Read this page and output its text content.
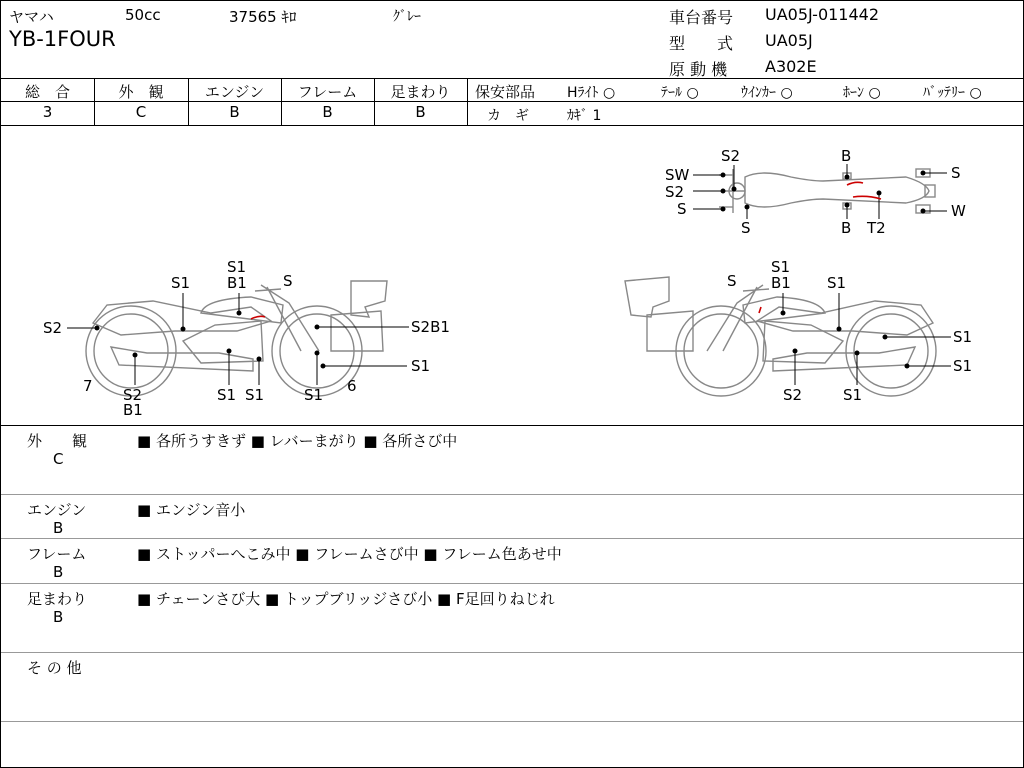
ヤマハ	50cc	37565 ｷﾛ	ｸﾞﾚｰ
YB-1FOUR
車台番号 UA05J-011442
型　　式 UA05J
原 動 機 A302E
総　合	外　観	エンジン	フレーム	足まわり
3	C	B	B	B
保安部品 Hﾗｲﾄ ○	ﾃｰﾙ ○	ｳｲﾝｶｰ ○	ﾎｰﾝ ○	ﾊﾞｯﾃﾘｰ ○
カ　ギ	ｶｷﾞ 1
SW
S2
S
S2
S
B
B T2
S
W
S1 B1 S
S1
S2	S2B1
S1
7 S2
B1
S1 S1	S1 6
S
S1
B1 S1
S1
S1
S2	S1
外　　観
C
■ 各所うすきず ■ レバーまがり ■ 各所さび中
エンジン
B
■ エンジン音小
フレーム
B
■ ストッパーへこみ中 ■ フレームさび中 ■ フレーム色あせ中
足まわり
B
■ チェーンさび大 ■ トップブリッジさび小 ■ F足回りねじれ
そ の 他
